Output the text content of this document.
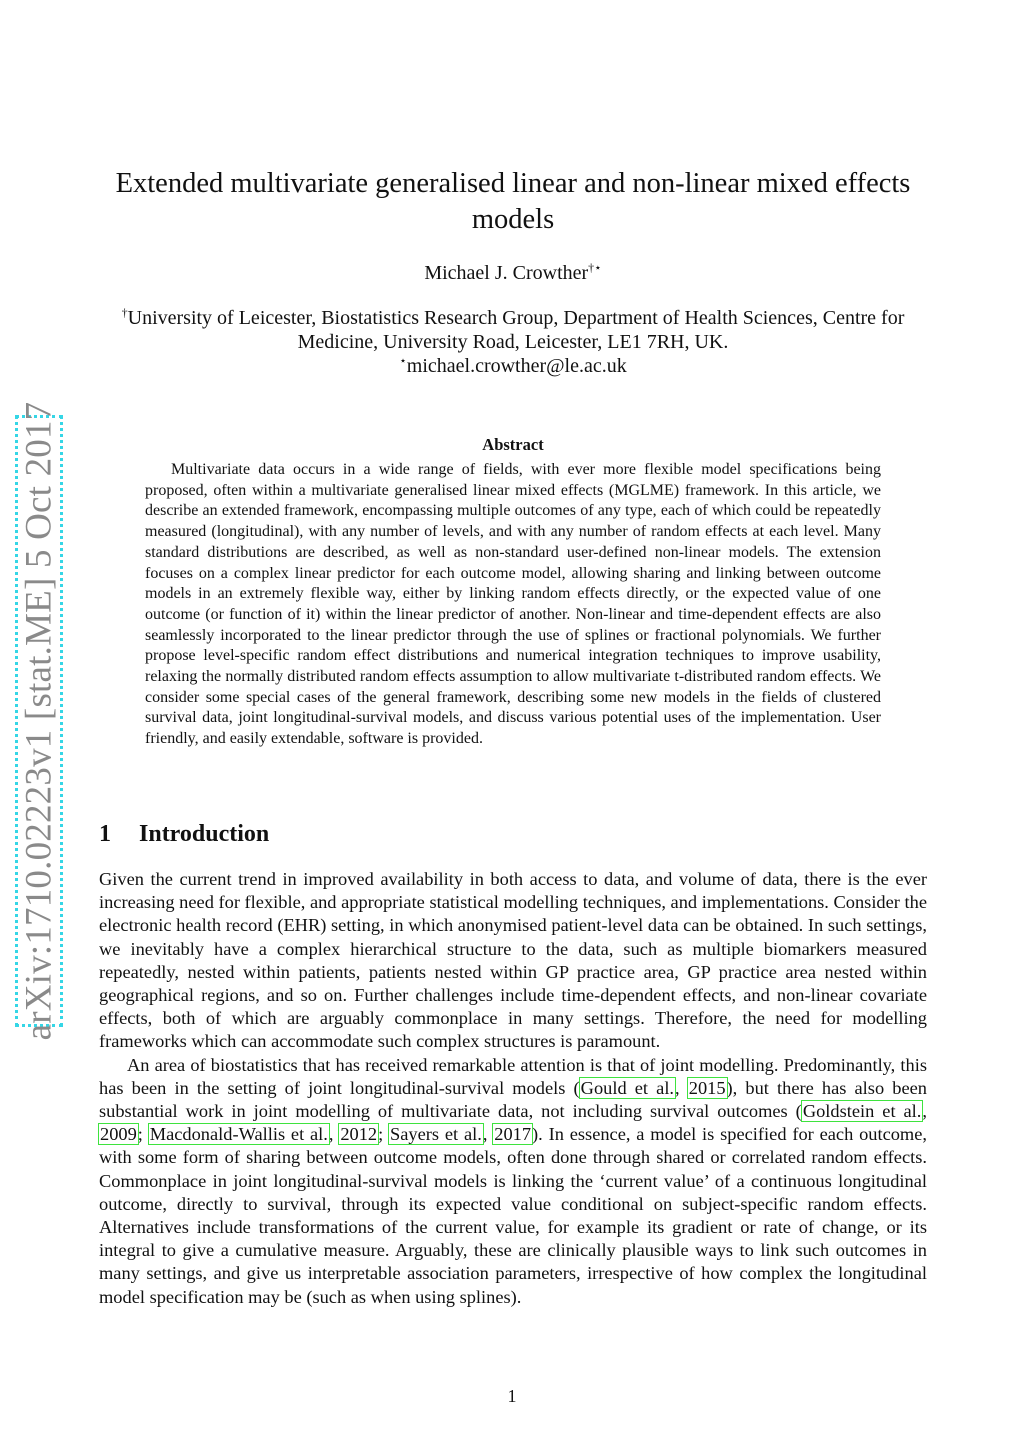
arXiv:1710.02223v1 [stat.ME] 5 Oct 2017
Extended multivariate generalised linear and non-linear mixed effects models
Michael J. Crowther†⋆
†University of Leicester, Biostatistics Research Group, Department of Health Sciences, Centre for Medicine, University Road, Leicester, LE1 7RH, UK.
⋆michael.crowther@le.ac.uk
Abstract

Multivariate data occurs in a wide range of fields, with ever more flexible model specifications being proposed, often within a multivariate generalised linear mixed effects (MGLME) framework. In this article, we describe an extended framework, encompassing multiple outcomes of any type, each of which could be repeatedly measured (longitudinal), with any number of levels, and with any number of random effects at each level. Many standard distributions are described, as well as non-standard user-defined non-linear models. The extension focuses on a complex linear predictor for each outcome model, allowing sharing and linking between outcome models in an extremely flexible way, either by linking random effects directly, or the expected value of one outcome (or function of it) within the linear predictor of another. Non-linear and time-dependent effects are also seamlessly incorporated to the linear predictor through the use of splines or fractional polynomials. We further propose level-specific random effect distributions and numerical integration techniques to improve usability, relaxing the normally distributed random effects assumption to allow multivariate t-distributed random effects. We consider some special cases of the general framework, describing some new models in the fields of clustered survival data, joint longitudinal-survival models, and discuss various potential uses of the implementation. User friendly, and easily extendable, software is provided.

1 Introduction

Given the current trend in improved availability in both access to data, and volume of data, there is the ever increasing need for flexible, and appropriate statistical modelling techniques, and implementations. Consider the electronic health record (EHR) setting, in which anonymised patient-level data can be obtained. In such settings, we inevitably have a complex hierarchical structure to the data, such as multiple biomarkers measured repeatedly, nested within patients, patients nested within GP practice area, GP practice area nested within geographical regions, and so on. Further challenges include time-dependent effects, and non-linear covariate effects, both of which are arguably commonplace in many settings. Therefore, the need for modelling frameworks which can accommodate such complex structures is paramount.

An area of biostatistics that has received remarkable attention is that of joint modelling. Predominantly, this has been in the setting of joint longitudinal-survival models (Gould et al., 2015), but there has also been substantial work in joint modelling of multivariate data, not including survival outcomes (Goldstein et al., 2009; Macdonald-Wallis et al., 2012; Sayers et al., 2017). In essence, a model is specified for each outcome, with some form of sharing between outcome models, often done through shared or correlated random effects. Commonplace in joint longitudinal-survival models is linking the ‘current value’ of a continuous longitudinal outcome, directly to survival, through its expected value conditional on subject-specific random effects. Alternatives include transformations of the current value, for example its gradient or rate of change, or its integral to give a cumulative measure. Arguably, these are clinically plausible ways to link such outcomes in many settings, and give us interpretable association parameters, irrespective of how complex the longitudinal model specification may be (such as when using splines).

1
